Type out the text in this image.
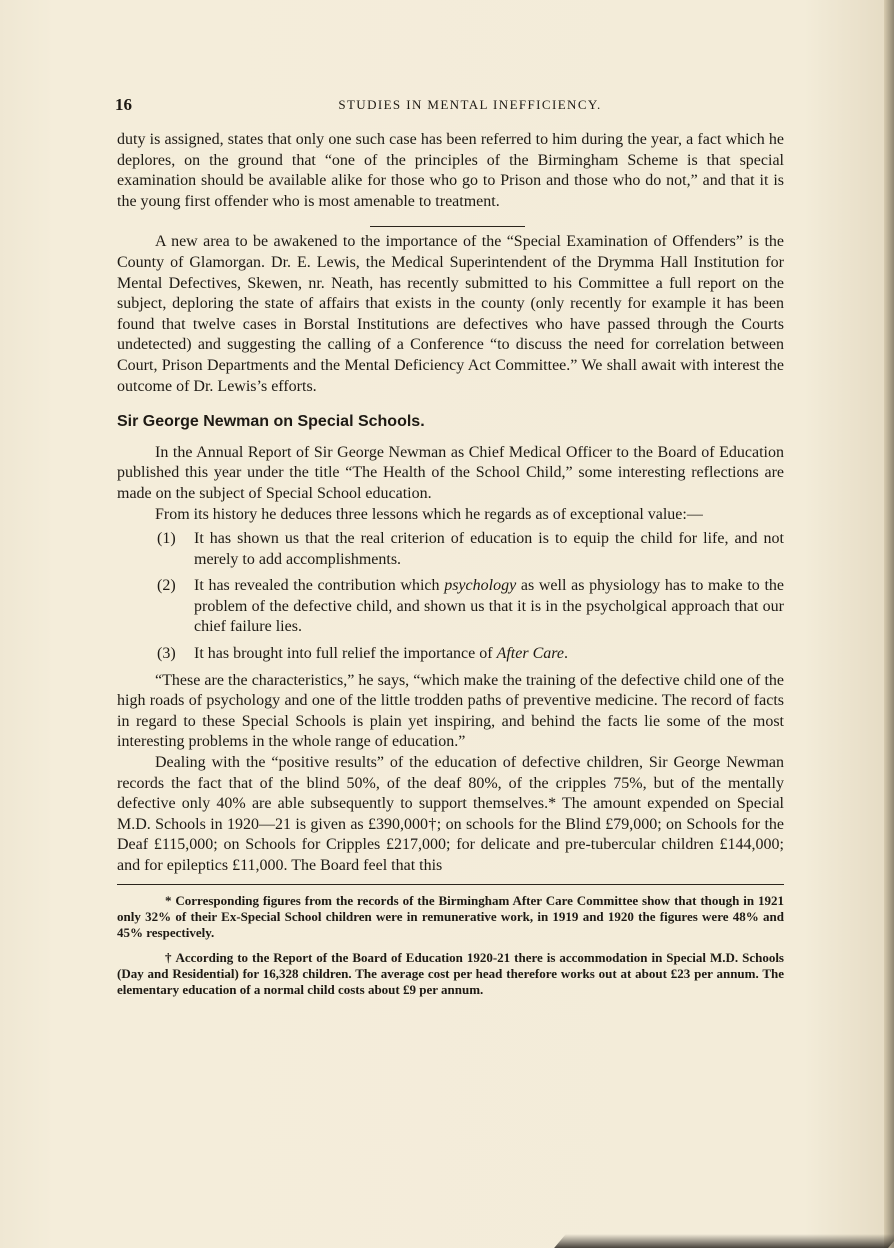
16	STUDIES IN MENTAL INEFFICIENCY.

duty is assigned, states that only one such case has been referred to him during the year, a fact which he deplores, on the ground that “one of the principles of the Birmingham Scheme is that special examination should be available alike for those who go to Prison and those who do not,” and that it is the young first offender who is most amenable to treatment.

A new area to be awakened to the importance of the “Special Examination of Offenders” is the County of Glamorgan. Dr. E. Lewis, the Medical Superintendent of the Drymma Hall Institution for Mental Defectives, Skewen, nr. Neath, has recently submitted to his Committee a full report on the subject, deploring the state of affairs that exists in the county (only recently for example it has been found that twelve cases in Borstal Institutions are defectives who have passed through the Courts undetected) and suggesting the calling of a Conference “to discuss the need for correlation between Court, Prison Departments and the Mental Deficiency Act Committee.” We shall await with interest the outcome of Dr. Lewis’s efforts.

Sir George Newman on Special Schools.

In the Annual Report of Sir George Newman as Chief Medical Officer to the Board of Education published this year under the title “The Health of the School Child,” some interesting reflections are made on the subject of Special School education.

From its history he deduces three lessons which he regards as of exceptional value:—

(1)	It has shown us that the real criterion of education is to equip the child for life, and not merely to add accomplishments.
(2)	It has revealed the contribution which psychology as well as physiology has to make to the problem of the defective child, and shown us that it is in the psycholgical approach that our chief failure lies.
(3)	It has brought into full relief the importance of After Care.

“These are the characteristics,” he says, “which make the training of the defective child one of the high roads of psychology and one of the little trodden paths of preventive medicine. The record of facts in regard to these Special Schools is plain yet inspiring, and behind the facts lie some of the most interesting problems in the whole range of education.”

Dealing with the “positive results” of the education of defective children, Sir George Newman records the fact that of the blind 50%, of the deaf 80%, of the cripples 75%, but of the mentally defective only 40% are able subsequently to support themselves.* The amount expended on Special M.D. Schools in 1920—21 is given as £390,000†; on schools for the Blind £79,000; on Schools for the Deaf £115,000; on Schools for Cripples £217,000; for delicate and pre-tubercular children £144,000; and for epileptics £11,000. The Board feel that this

* Corresponding figures from the records of the Birmingham After Care Committee show that though in 1921 only 32% of their Ex-Special School children were in remunerative work, in 1919 and 1920 the figures were 48% and 45% respectively.

† According to the Report of the Board of Education 1920-21 there is accommodation in Special M.D. Schools (Day and Residential) for 16,328 children. The average cost per head therefore works out at about £23 per annum. The elementary education of a normal child costs about £9 per annum.
